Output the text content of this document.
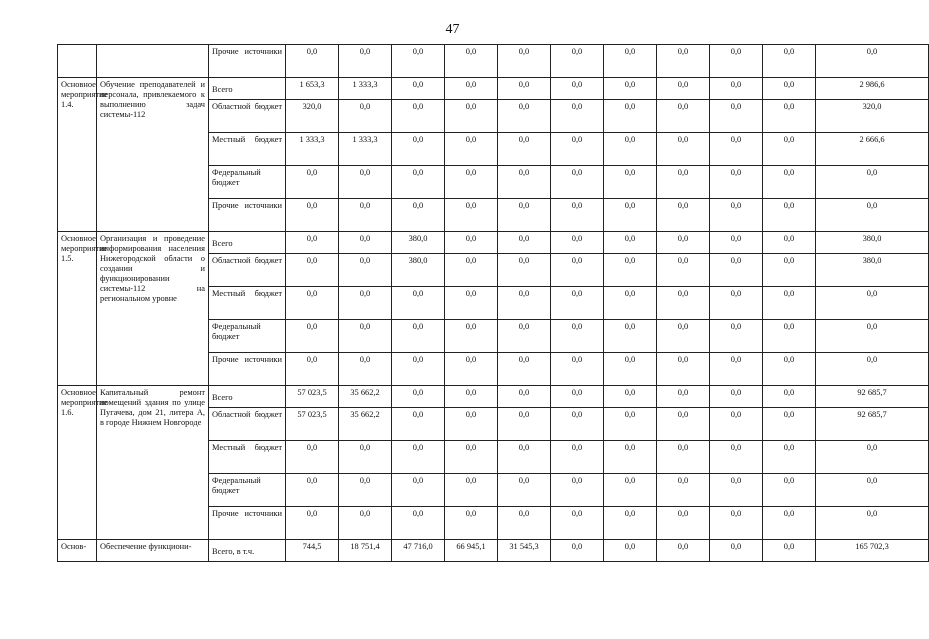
47
		Прочие источники	0,0	0,0	0,0	0,0	0,0	0,0	0,0	0,0	0,0	0,0	0,0
Основное мероприятие 1.4.	Обучение преподавателей и персонала, привлекаемого к выполнению задач системы-112	Всего	1 653,3	1 333,3	0,0	0,0	0,0	0,0	0,0	0,0	0,0	0,0	2 986,6
		Областной бюджет	320,0	0,0	0,0	0,0	0,0	0,0	0,0	0,0	0,0	0,0	320,0
		Местный бюджет	1 333,3	1 333,3	0,0	0,0	0,0	0,0	0,0	0,0	0,0	0,0	2 666,6
		Федеральный бюджет	0,0	0,0	0,0	0,0	0,0	0,0	0,0	0,0	0,0	0,0	0,0
		Прочие источники	0,0	0,0	0,0	0,0	0,0	0,0	0,0	0,0	0,0	0,0	0,0
Основное мероприятие 1.5.	Организация и проведение информирования населения Нижегородской области о создании и функционировании системы-112 на региональном уровне	Всего	0,0	0,0	380,0	0,0	0,0	0,0	0,0	0,0	0,0	0,0	380,0
		Областной бюджет	0,0	0,0	380,0	0,0	0,0	0,0	0,0	0,0	0,0	0,0	380,0
		Местный бюджет	0,0	0,0	0,0	0,0	0,0	0,0	0,0	0,0	0,0	0,0	0,0
		Федеральный бюджет	0,0	0,0	0,0	0,0	0,0	0,0	0,0	0,0	0,0	0,0	0,0
		Прочие источники	0,0	0,0	0,0	0,0	0,0	0,0	0,0	0,0	0,0	0,0	0,0
Основное мероприятие 1.6.	Капитальный ремонт помещений здания по улице Пугачева, дом 21, литера А, в городе Нижнем Новгороде	Всего	57 023,5	35 662,2	0,0	0,0	0,0	0,0	0,0	0,0	0,0	0,0	92 685,7
		Областной бюджет	57 023,5	35 662,2	0,0	0,0	0,0	0,0	0,0	0,0	0,0	0,0	92 685,7
		Местный бюджет	0,0	0,0	0,0	0,0	0,0	0,0	0,0	0,0	0,0	0,0	0,0
		Федеральный бюджет	0,0	0,0	0,0	0,0	0,0	0,0	0,0	0,0	0,0	0,0	0,0
		Прочие источники	0,0	0,0	0,0	0,0	0,0	0,0	0,0	0,0	0,0	0,0	0,0
Основ-	Обеспечение функциони-	Всего, в т.ч.	744,5	18 751,4	47 716,0	66 945,1	31 545,3	0,0	0,0	0,0	0,0	0,0	165 702,3
